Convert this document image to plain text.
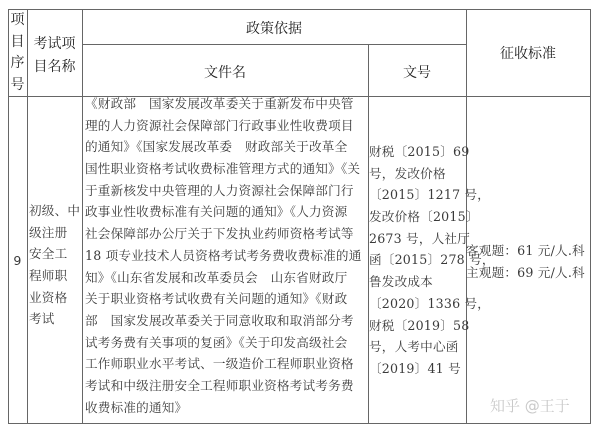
项
目
序
号
考试项
目名称
政策依据
文件名	文号
征收标准
9
初级、中
级注册
安全工
程师职
业资格
考试
《财政部　国家发展改革委关于重新发布中央管
理的人力资源社会保障部门行政事业性收费项目
的通知》《国家发展改革委　财政部关于改革全
国性职业资格考试收费标准管理方式的通知》《关
于重新核发中央管理的人力资源社会保障部门行
政事业性收费标准有关问题的通知》《人力资源
社会保障部办公厅关于下发执业药师资格考试等
18 项专业技术人员资格考试考务费收费标准的通
知》《山东省发展和改革委员会　山东省财政厅
关于职业资格考试收费有关问题的通知》《财政
部　国家发展改革委关于同意收取和取消部分考
试考务费有关事项的复函》《关于印发高级社会
工作师职业水平考试、一级造价工程师职业资格
考试和中级注册安全工程师职业资格考试考务费
收费标准的通知》
财税〔2015〕69
号，发改价格
〔2015〕1217 号，
发改价格〔2015〕
2673 号，人社厅
函〔2015〕278 号，
鲁发改成本
〔2020〕1336 号，
财税〔2019〕58
号，人考中心函
〔2019〕41 号
客观题：61 元/人.科
主观题：69 元/人.科
知乎 @王于
